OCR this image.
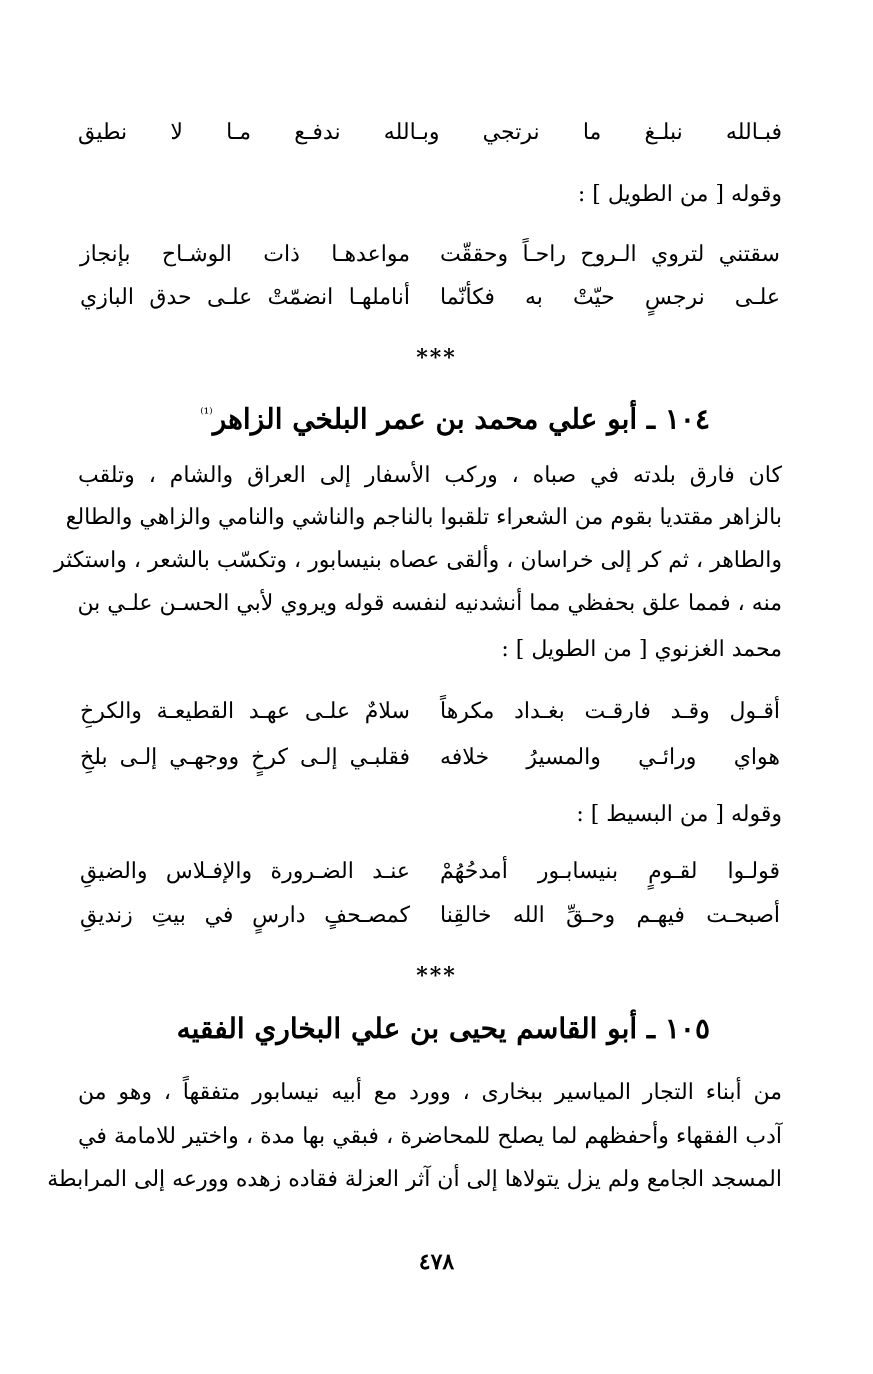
فبـالله نبلـغ ما نرتجي وبـالله ندفـع مـا لا نطيق
وقوله [ من الطويل ] :
سقتني لتروي الـروح راحـاً وحققّت
مواعدهـا ذات الوشـاح بإنجاز
علـى نرجسٍ حيّتْ به فكأنّما
أناملهـا انضمّتْ علـى حدق البازي
***
١٠٤ ـ أبو علي محمد بن عمر البلخي الزاهر$^{^{(1)}}$
كان فارق بلدته في صباه ، وركب الأسفار إلى العراق والشام ، وتلقب
بالزاهر مقتديا بقوم من الشعراء تلقبوا بالناجم والناشي والنامي والزاهي والطالع
والطاهر ، ثم كر إلى خراسان ، وألقى عصاه بنيسابور ، وتكسّب بالشعر ، واستكثر
منه ، فمما علق بحفظي مما أنشدنيه لنفسه قوله ويروي لأبي الحسـن علـي بن
محمد الغزنوي [ من الطويل ] :
أقـول وقـد فارقـت بغـداد مكرهاً
سلامٌ علـى عهـد القطيعـة والكرخِ
هواي ورائـي والمسيرُ خلافه
فقلبـي إلـى كرخٍ ووجهـي إلـى بلخِ
وقوله [ من البسيط ] :
قولـوا لقـومٍ بنيسابـور أمدحُهُمْ
عنـد الضـرورة والإفـلاس والضيقِ
أصبحـت فيهـم وحـقِّ الله خالقِنا
كمصـحفٍ دارسٍ في بيتِ زنديقِ
***
١٠٥ ـ أبو القاسم يحيى بن علي البخاري الفقيه
من أبناء التجار المياسير ببخارى ، وورد مع أبيه نيسابور متفقهاً ، وهو من
آدب الفقهاء وأحفظهم لما يصلح للمحاضرة ، فبقي بها مدة ، واختير للامامة في
المسجد الجامع ولم يزل يتولاها إلى أن آثر العزلة فقاده زهده وورعه إلى المرابطة
٤٧٨
